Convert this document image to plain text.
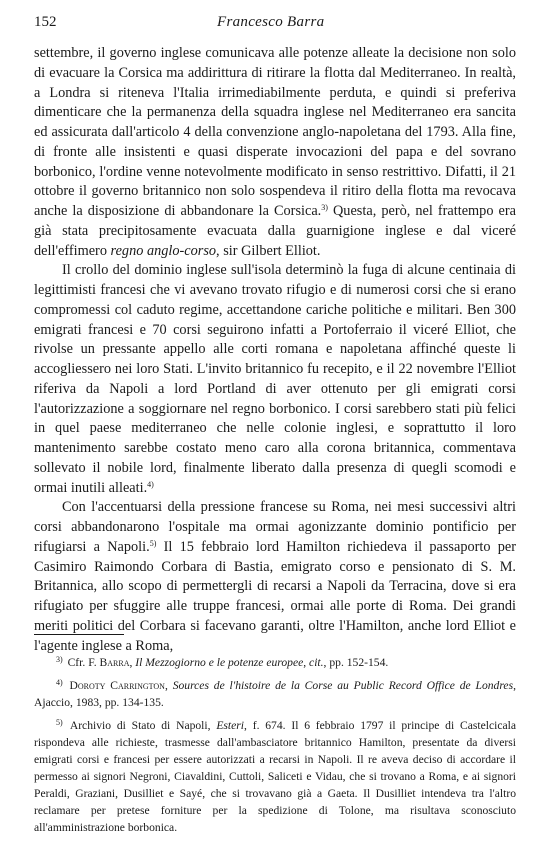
152	Francesco Barra

settembre, il governo inglese comunicava alle potenze alleate la decisione non solo di evacuare la Corsica ma addirittura di ritirare la flotta dal Mediterraneo. In realtà, a Londra si riteneva l'Italia irrimediabilmente perduta, e quindi si preferiva dimenticare che la permanenza della squadra inglese nel Mediterraneo era sancita ed assicurata dall'articolo 4 della convenzione anglo-napoletana del 1793. Alla fine, di fronte alle insistenti e quasi disperate invocazioni del papa e del sovrano borbonico, l'ordine venne notevolmente modificato in senso restrittivo. Difatti, il 21 ottobre il governo britannico non solo sospendeva il ritiro della flotta ma revocava anche la disposizione di abbandonare la Corsica.$^{3)}$ Questa, però, nel frattempo era già stata precipitosamente evacuata dalla guarnigione inglese e dal viceré dell'effimero regno anglo-corso, sir Gilbert Elliot.

Il crollo del dominio inglese sull'isola determinò la fuga di alcune centinaia di legittimisti francesi che vi avevano trovato rifugio e di numerosi corsi che si erano compromessi col caduto regime, accettandone cariche politiche e militari. Ben 300 emigrati francesi e 70 corsi seguirono infatti a Portoferraio il viceré Elliot, che rivolse un pressante appello alle corti romana e napoletana affinché queste li accogliessero nei loro Stati. L'invito britannico fu recepito, e il 22 novembre l'Elliot riferiva da Napoli a lord Portland di aver ottenuto per gli emigrati corsi l'autorizzazione a soggiornare nel regno borbonico. I corsi sarebbero stati più felici in quel paese mediterraneo che nelle colonie inglesi, e soprattutto il loro mantenimento sarebbe costato meno caro alla corona britannica, commentava sollevato il nobile lord, finalmente liberato dalla presenza di quegli scomodi e ormai inutili alleati.$^{4)}$

Con l'accentuarsi della pressione francese su Roma, nei mesi successivi altri corsi abbandonarono l'ospitale ma ormai agonizzante dominio pontificio per rifugiarsi a Napoli.$^{5)}$ Il 15 febbraio lord Hamilton richiedeva il passaporto per Casimiro Raimondo Corbara di Bastia, emigrato corso e pensionato di S. M. Britannica, allo scopo di permettergli di recarsi a Napoli da Terracina, dove si era rifugiato per sfuggire alle truppe francesi, ormai alle porte di Roma. Dei grandi meriti politici del Corbara si facevano garanti, oltre l'Hamilton, anche lord Elliot e l'agente inglese a Roma,

$^{3)}$ Cfr. F. Barra, Il Mezzogiorno e le potenze europee, cit., pp. 152-154.

$^{4)}$ Doroty Carrington, Sources de l'histoire de la Corse au Public Record Office de Londres, Ajaccio, 1983, pp. 134-135.

$^{5)}$ Archivio di Stato di Napoli, Esteri, f. 674. Il 6 febbraio 1797 il principe di Castelcicala rispondeva alle richieste, trasmesse dall'ambasciatore britannico Hamilton, presentate da diversi emigrati corsi e francesi per essere autorizzati a recarsi in Napoli. Il re aveva deciso di accordare il permesso ai signori Negroni, Ciavaldini, Cuttoli, Saliceti e Vidau, che si trovano a Roma, e ai signori Peraldi, Graziani, Dusilliet e Sayé, che si trovavano già a Gaeta. Il Dusilliet intendeva tra l'altro reclamare per pretese forniture per la spedizione di Tolone, ma risultava sconosciuto all'amministrazione borbonica.
